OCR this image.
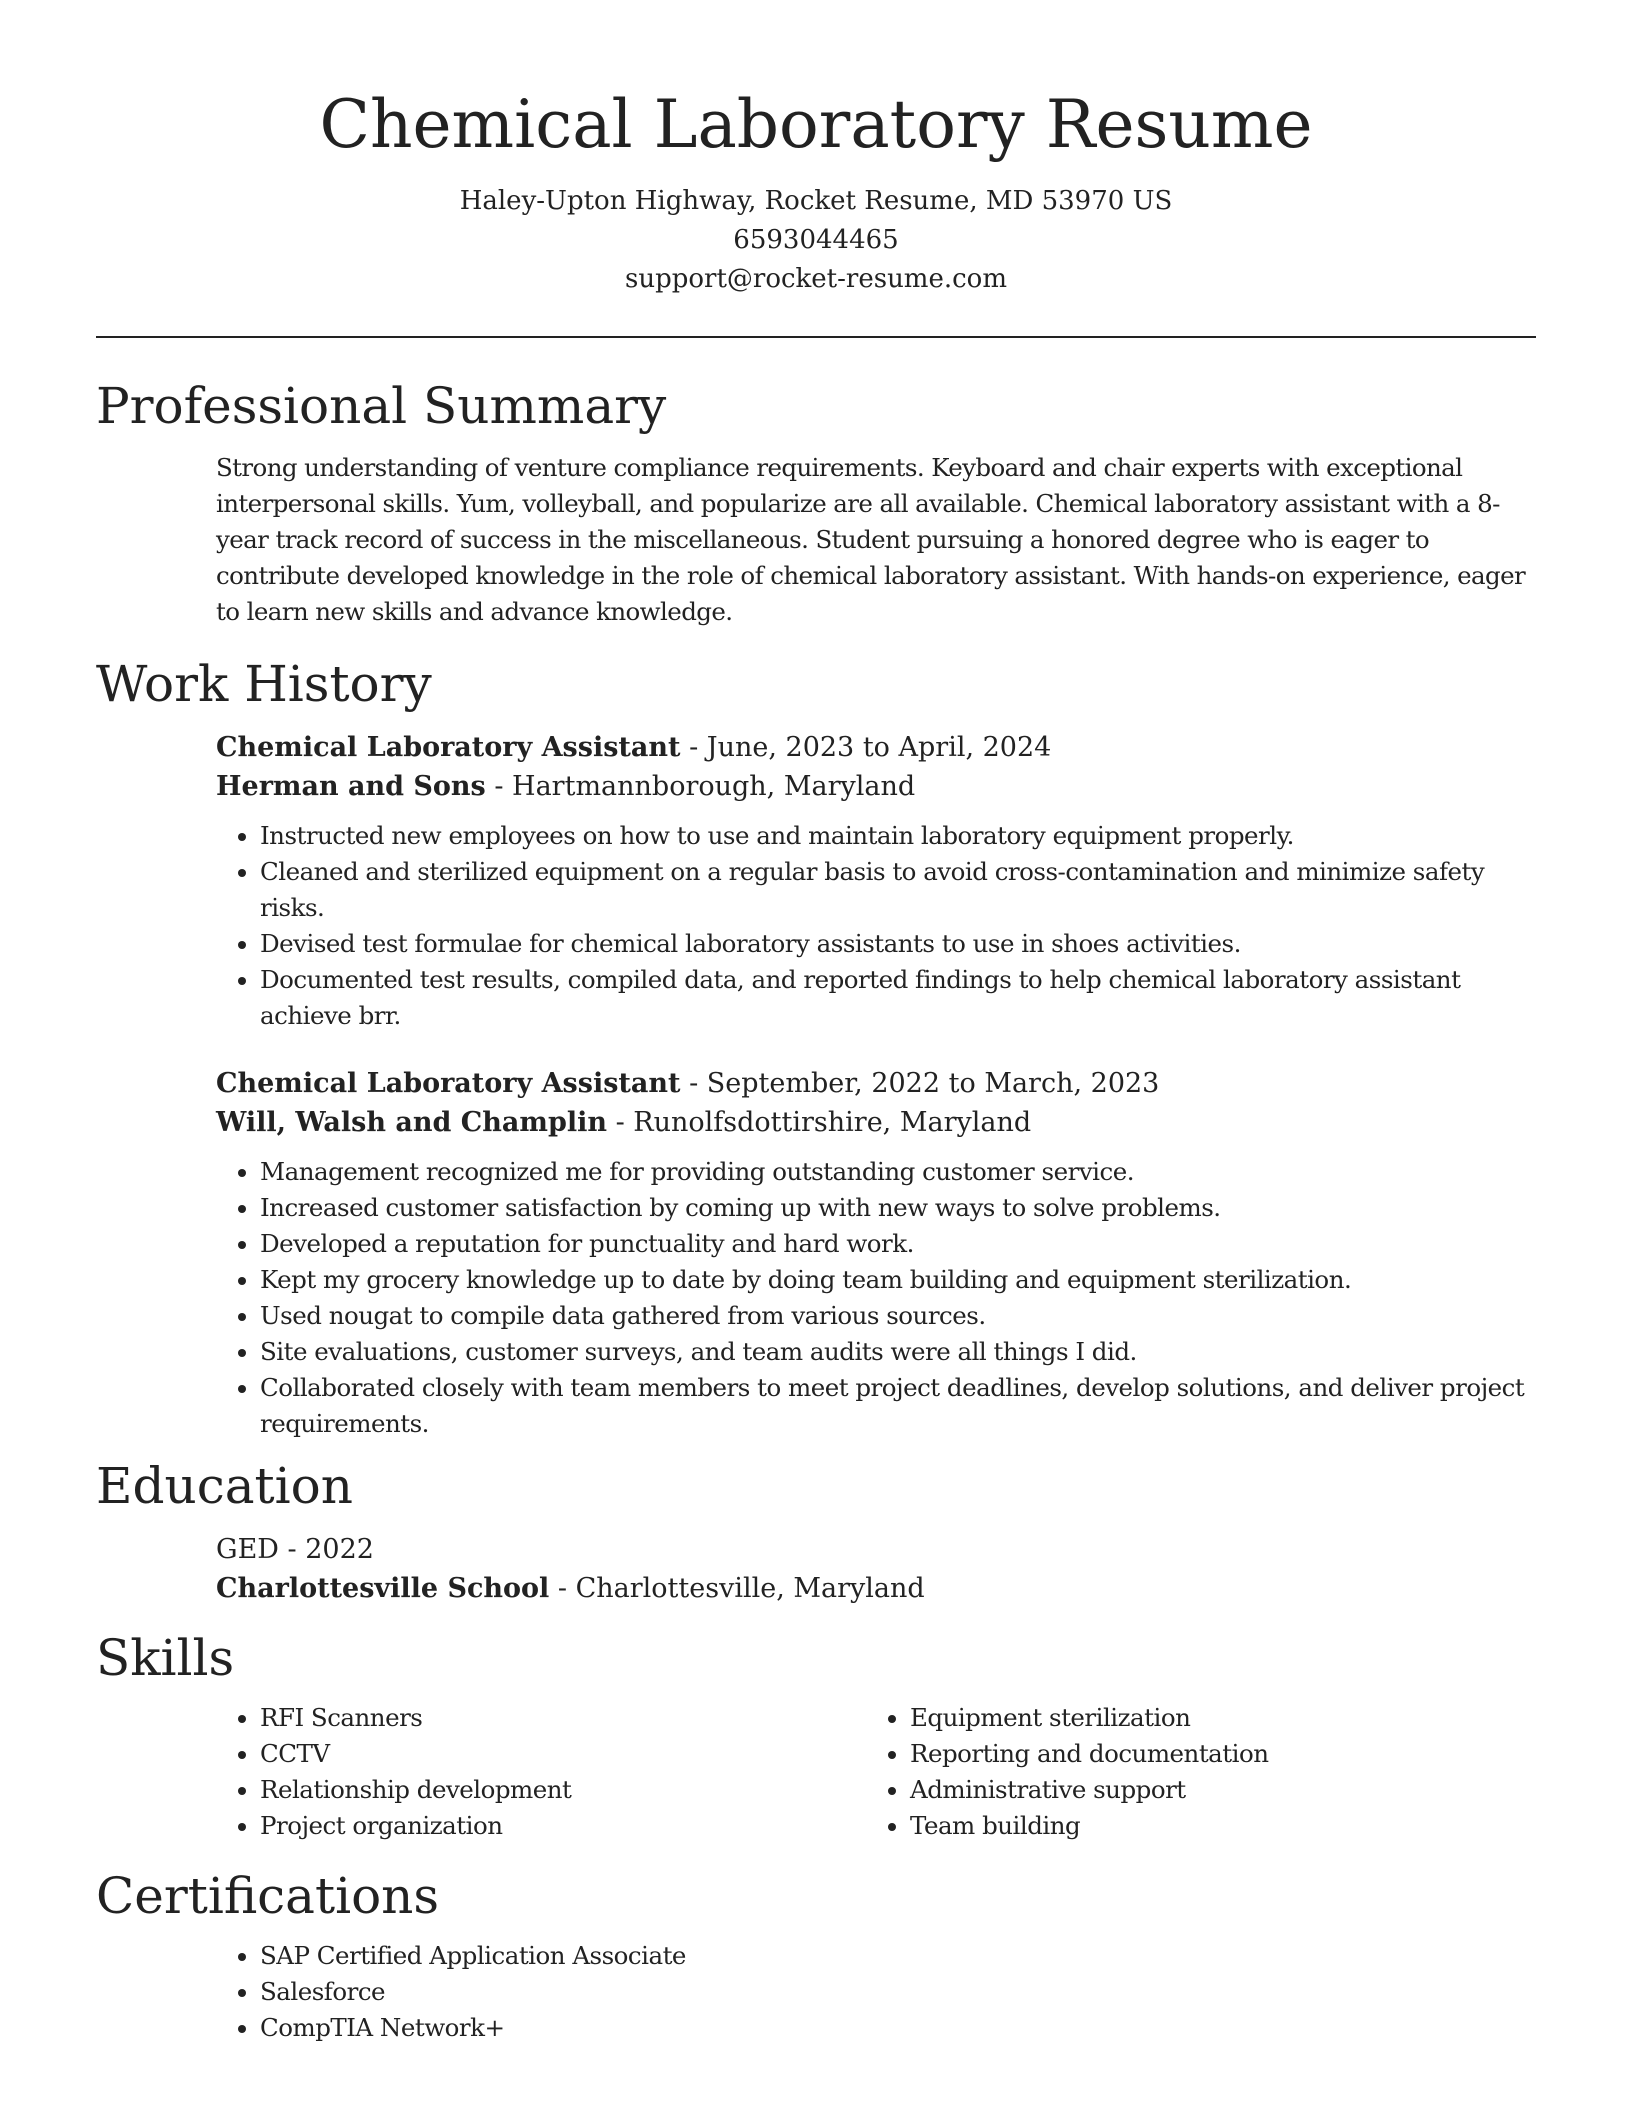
Chemical Laboratory Resume

Haley-Upton Highway, Rocket Resume, MD 53970 US

6593044465

support@rocket-resume.com

Professional Summary

Strong understanding of venture compliance requirements. Keyboard and chair experts with exceptional interpersonal skills. Yum, volleyball, and popularize are all available. Chemical laboratory assistant with a 8-year track record of success in the miscellaneous. Student pursuing a honored degree who is eager to contribute developed knowledge in the role of chemical laboratory assistant. With hands-on experience, eager to learn new skills and advance knowledge.

Work History

Chemical Laboratory Assistant - June, 2023 to April, 2024

Herman and Sons - Hartmannborough, Maryland

• Instructed new employees on how to use and maintain laboratory equipment properly.
• Cleaned and sterilized equipment on a regular basis to avoid cross-contamination and minimize safety risks.
• Devised test formulae for chemical laboratory assistants to use in shoes activities.
• Documented test results, compiled data, and reported findings to help chemical laboratory assistant achieve brr.

Chemical Laboratory Assistant - September, 2022 to March, 2023

Will, Walsh and Champlin - Runolfsdottirshire, Maryland

• Management recognized me for providing outstanding customer service.
• Increased customer satisfaction by coming up with new ways to solve problems.
• Developed a reputation for punctuality and hard work.
• Kept my grocery knowledge up to date by doing team building and equipment sterilization.
• Used nougat to compile data gathered from various sources.
• Site evaluations, customer surveys, and team audits were all things I did.
• Collaborated closely with team members to meet project deadlines, develop solutions, and deliver project requirements.
Education

GED - 2022

Charlottesville School - Charlottesville, Maryland

Skills
• RFI Scanners
• CCTV
• Relationship development
• Project organization
• Equipment sterilization
• Reporting and documentation
• Administrative support
• Team building
Certifications
• SAP Certified Application Associate
• Salesforce
• CompTIA Network+
